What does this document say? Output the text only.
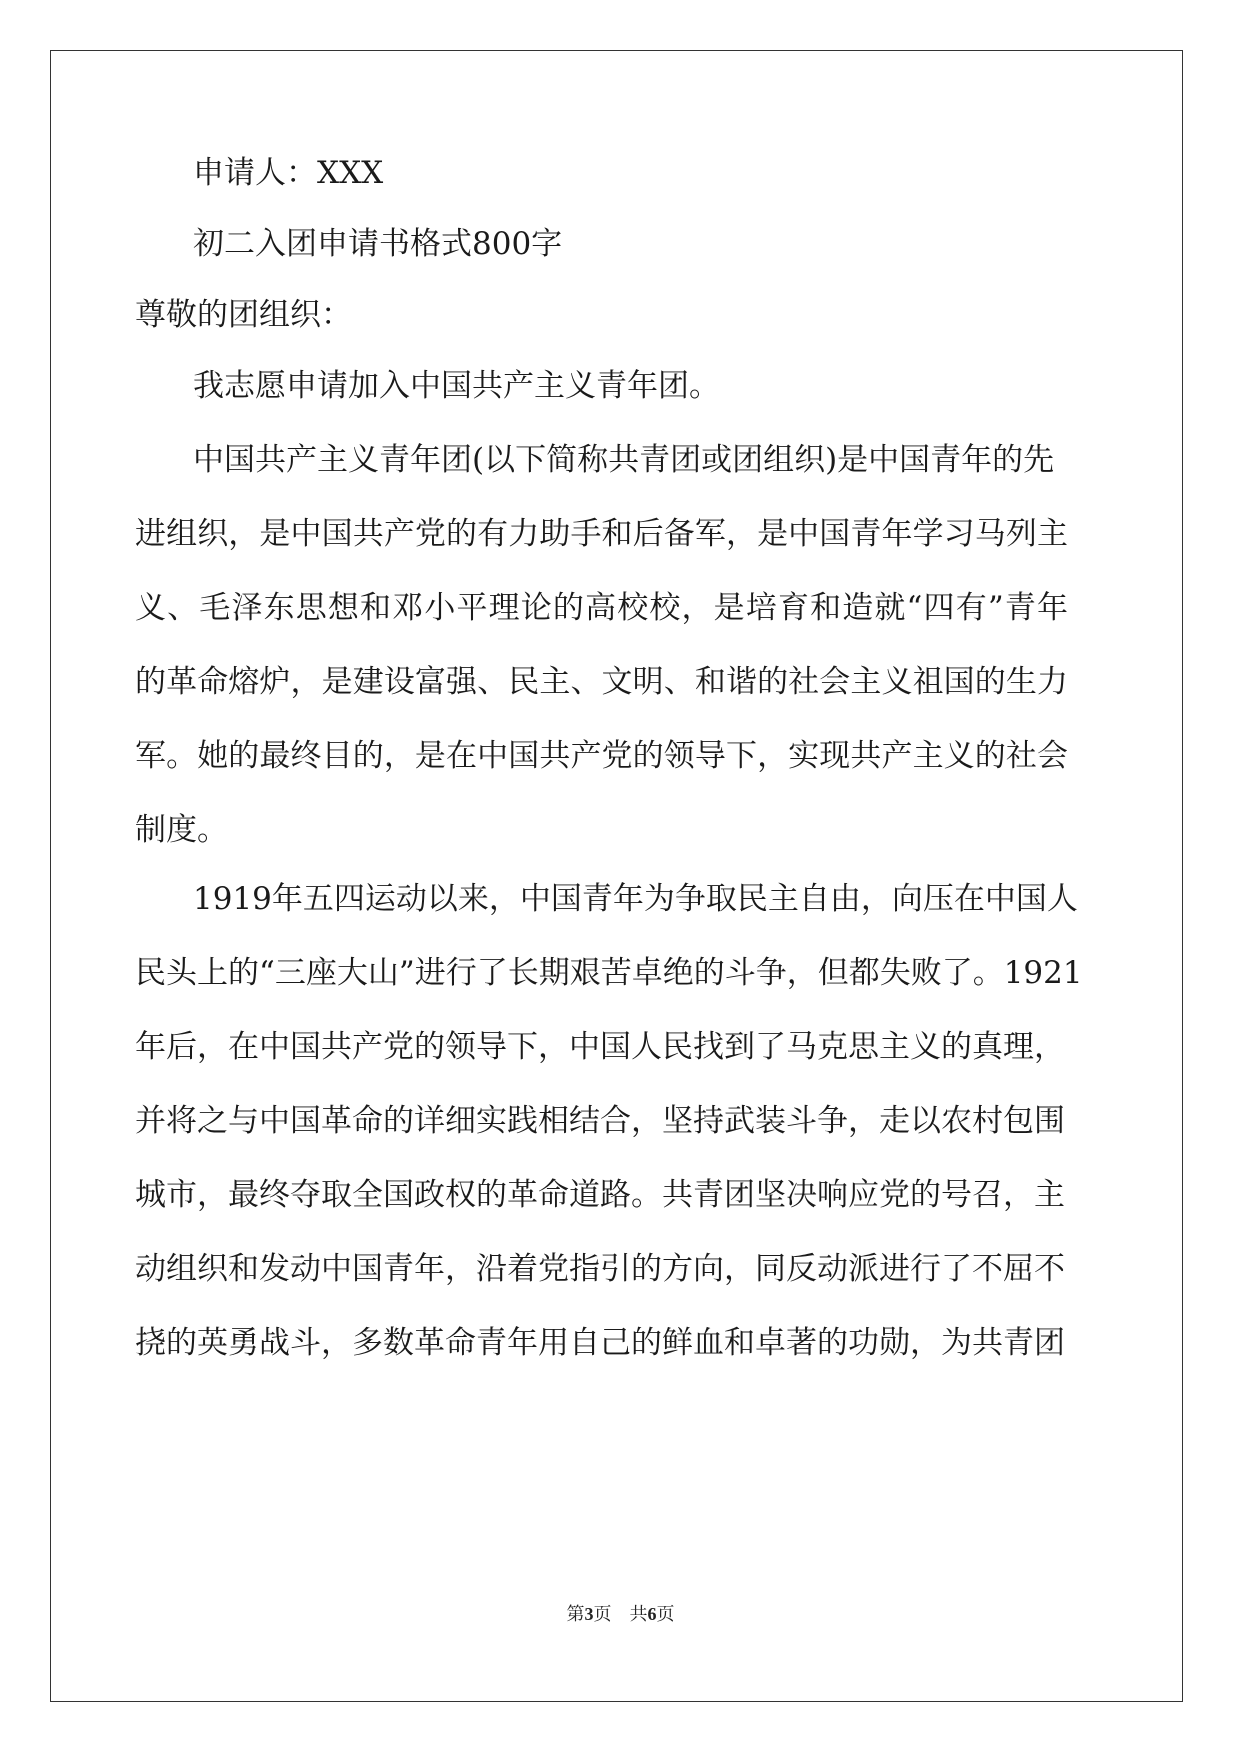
申请人：XXX
初二入团申请书格式800字
尊敬的团组织：
我志愿申请加入中国共产主义青年团。
中国共产主义青年团(以下简称共青团或团组织)是中国青年的先
进组织，是中国共产党的有力助手和后备军，是中国青年学习马列主
义、毛泽东思想和邓小平理论的高校校，是培育和造就“四有”青年
的革命熔炉，是建设富强、民主、文明、和谐的社会主义祖国的生力
军。她的最终目的，是在中国共产党的领导下，实现共产主义的社会
制度。
1919年五四运动以来，中国青年为争取民主自由，向压在中国人
民头上的“三座大山”进行了长期艰苦卓绝的斗争，但都失败了。1921
年后，在中国共产党的领导下，中国人民找到了马克思主义的真理，
并将之与中国革命的详细实践相结合，坚持武装斗争，走以农村包围
城市，最终夺取全国政权的革命道路。共青团坚决响应党的号召，主
动组织和发动中国青年，沿着党指引的方向，同反动派进行了不屈不
挠的英勇战斗，多数革命青年用自己的鲜血和卓著的功勋，为共青团
第3页 共6页
